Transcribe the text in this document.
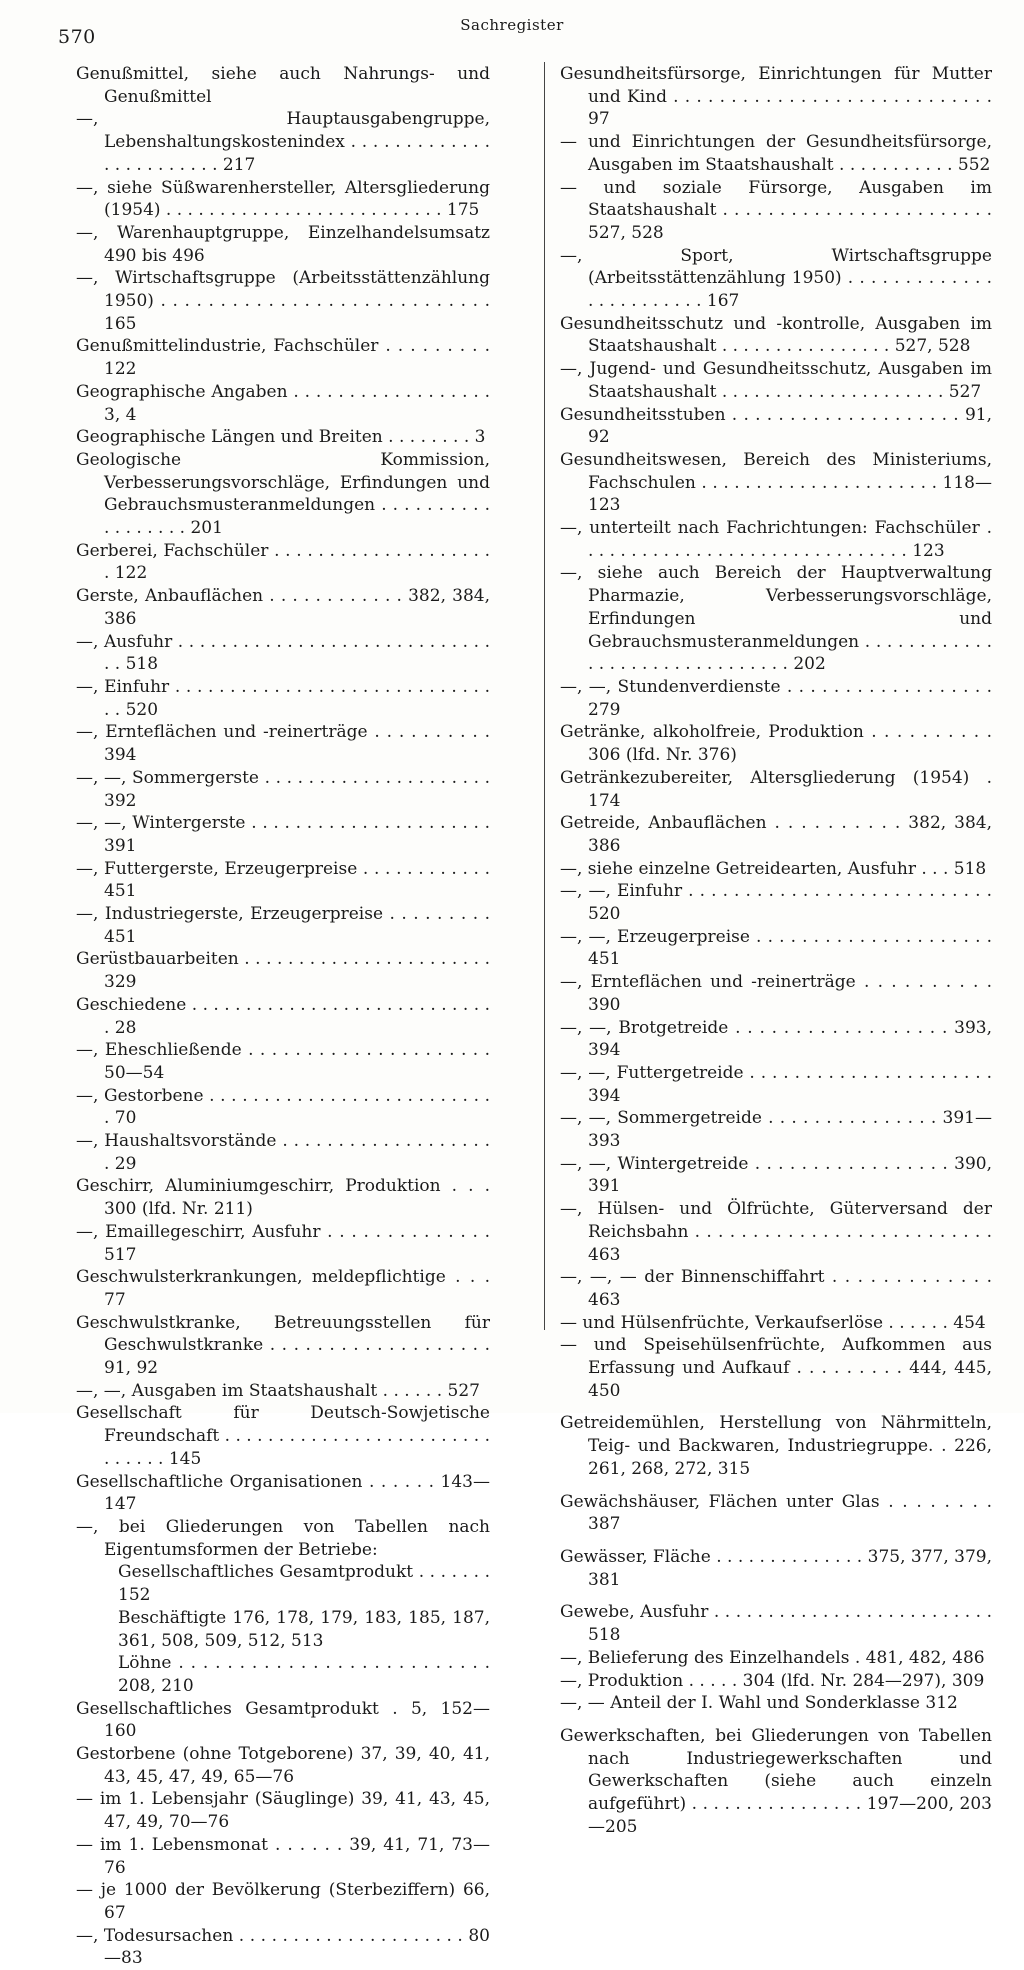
570
Sachregister
Genußmittel, siehe auch Nahrungs- und Genußmittel
—, Hauptausgabengruppe, Lebenshaltungskostenindex . . . . . . . . . . . . . . . . . . . . . . . . 217
—, siehe Süßwarenhersteller, Altersgliederung (1954) . . . . . . . . . . . . . . . . . . . . . . . . . . 175
—, Warenhauptgruppe, Einzelhandelsumsatz 490 bis 496
—, Wirtschaftsgruppe (Arbeitsstättenzählung 1950) . . . . . . . . . . . . . . . . . . . . . . . . . . . . 165
Genußmittelindustrie, Fachschüler . . . . . . . . . 122
Geographische Angaben . . . . . . . . . . . . . . . . . . 3, 4
Geographische Längen und Breiten . . . . . . . . 3
Geologische Kommission, Verbesserungsvorschläge, Erfindungen und Gebrauchsmusteranmeldungen . . . . . . . . . . . . . . . . . . 201
Gerberei, Fachschüler . . . . . . . . . . . . . . . . . . . . . 122
Gerste, Anbauflächen . . . . . . . . . . . . 382, 384, 386
—, Ausfuhr . . . . . . . . . . . . . . . . . . . . . . . . . . . . . . . 518
—, Einfuhr . . . . . . . . . . . . . . . . . . . . . . . . . . . . . . . 520
—, Ernteflächen und -reinerträge . . . . . . . . . . 394
—, —, Sommergerste . . . . . . . . . . . . . . . . . . . . . 392
—, —, Wintergerste . . . . . . . . . . . . . . . . . . . . . . 391
—, Futtergerste, Erzeugerpreise . . . . . . . . . . . . 451
—, Industriegerste, Erzeugerpreise . . . . . . . . . 451
Gerüstbauarbeiten . . . . . . . . . . . . . . . . . . . . . . . 329
Geschiedene . . . . . . . . . . . . . . . . . . . . . . . . . . . . . 28
—, Eheschließende . . . . . . . . . . . . . . . . . . . . . 50—54
—, Gestorbene . . . . . . . . . . . . . . . . . . . . . . . . . . . 70
—, Haushaltsvorstände . . . . . . . . . . . . . . . . . . . . 29
Geschirr, Aluminiumgeschirr, Produktion . . . 300 (lfd. Nr. 211)
—, Emaillegeschirr, Ausfuhr . . . . . . . . . . . . . . 517
Geschwulsterkrankungen, meldepflichtige . . . 77
Geschwulstkranke, Betreuungsstellen für Geschwulstkranke . . . . . . . . . . . . . . . . . . . 91, 92
—, —, Ausgaben im Staatshaushalt . . . . . . 527
Gesellschaft für Deutsch-Sowjetische Freundschaft . . . . . . . . . . . . . . . . . . . . . . . . . . . . . . . 145
Gesellschaftliche Organisationen . . . . . . 143—147
—, bei Gliederungen von Tabellen nach Eigentumsformen der Betriebe:
Gesellschaftliches Gesamtprodukt . . . . . . . 152
Beschäftigte 176, 178, 179, 183, 185, 187, 361, 508, 509, 512, 513
Löhne . . . . . . . . . . . . . . . . . . . . . . . . . . 208, 210
Gesellschaftliches Gesamtprodukt . 5, 152—160
Gestorbene (ohne Totgeborene) 37, 39, 40, 41, 43, 45, 47, 49, 65—76
— im 1. Lebensjahr (Säuglinge) 39, 41, 43, 45, 47, 49, 70—76
— im 1. Lebensmonat . . . . . . 39, 41, 71, 73—76
— je 1000 der Bevölkerung (Sterbeziffern) 66, 67
—, Todesursachen . . . . . . . . . . . . . . . . . . . . . 80—83
Gesundheitsfürsorge, Einrichtungen für Mutter und Kind . . . . . . . . . . . . . . . . . . . . . . . . . . . . 97
— und Einrichtungen der Gesundheitsfürsorge, Ausgaben im Staatshaushalt . . . . . . . . . . . 552
— und soziale Fürsorge, Ausgaben im Staatshaushalt . . . . . . . . . . . . . . . . . . . . . . . . 527, 528
—, Sport, Wirtschaftsgruppe (Arbeitsstättenzählung 1950) . . . . . . . . . . . . . . . . . . . . . . . . 167
Gesundheitsschutz und -kontrolle, Ausgaben im Staatshaushalt . . . . . . . . . . . . . . . . 527, 528
—, Jugend- und Gesundheitsschutz, Ausgaben im Staatshaushalt . . . . . . . . . . . . . . . . . . . . . 527
Gesundheitsstuben . . . . . . . . . . . . . . . . . . . . 91, 92
Gesundheitswesen, Bereich des Ministeriums, Fachschulen . . . . . . . . . . . . . . . . . . . . . . 118—123
—, unterteilt nach Fachrichtungen: Fachschüler . . . . . . . . . . . . . . . . . . . . . . . . . . . . . . . 123
—, siehe auch Bereich der Hauptverwaltung Pharmazie, Verbesserungsvorschläge, Erfindungen und Gebrauchsmusteranmeldungen . . . . . . . . . . . . . . . . . . . . . . . . . . . . . . . 202
—, —, Stundenverdienste . . . . . . . . . . . . . . . . . . 279
Getränke, alkoholfreie, Produktion . . . . . . . . . . 306 (lfd. Nr. 376)
Getränkezubereiter, Altersgliederung (1954) . 174
Getreide, Anbauflächen . . . . . . . . . . 382, 384, 386
—, siehe einzelne Getreidearten, Ausfuhr . . . 518
—, —, Einfuhr . . . . . . . . . . . . . . . . . . . . . . . . . . . 520
—, —, Erzeugerpreise . . . . . . . . . . . . . . . . . . . . . 451
—, Ernteflächen und -reinerträge . . . . . . . . . . 390
—, —, Brotgetreide . . . . . . . . . . . . . . . . . . 393, 394
—, —, Futtergetreide . . . . . . . . . . . . . . . . . . . . . . 394
—, —, Sommergetreide . . . . . . . . . . . . . . . 391—393
—, —, Wintergetreide . . . . . . . . . . . . . . . . . 390, 391
—, Hülsen- und Ölfrüchte, Güterversand der Reichsbahn . . . . . . . . . . . . . . . . . . . . . . . . . . 463
—, —, — der Binnenschiffahrt . . . . . . . . . . . . . 463
— und Hülsenfrüchte, Verkaufserlöse . . . . . . 454
— und Speisehülsenfrüchte, Aufkommen aus Erfassung und Aufkauf . . . . . . . . . 444, 445, 450
Getreidemühlen, Herstellung von Nährmitteln, Teig- und Backwaren, Industriegruppe. . 226, 261, 268, 272, 315
Gewächshäuser, Flächen unter Glas . . . . . . . . 387
Gewässer, Fläche . . . . . . . . . . . . . . 375, 377, 379, 381
Gewebe, Ausfuhr . . . . . . . . . . . . . . . . . . . . . . . . . . 518
—, Belieferung des Einzelhandels . 481, 482, 486
—, Produktion . . . . . 304 (lfd. Nr. 284—297), 309
—, — Anteil der I. Wahl und Sonderklasse 312
Gewerkschaften, bei Gliederungen von Tabellen nach Industriegewerkschaften und Gewerkschaften (siehe auch einzeln aufgeführt) . . . . . . . . . . . . . . . . 197—200, 203—205
